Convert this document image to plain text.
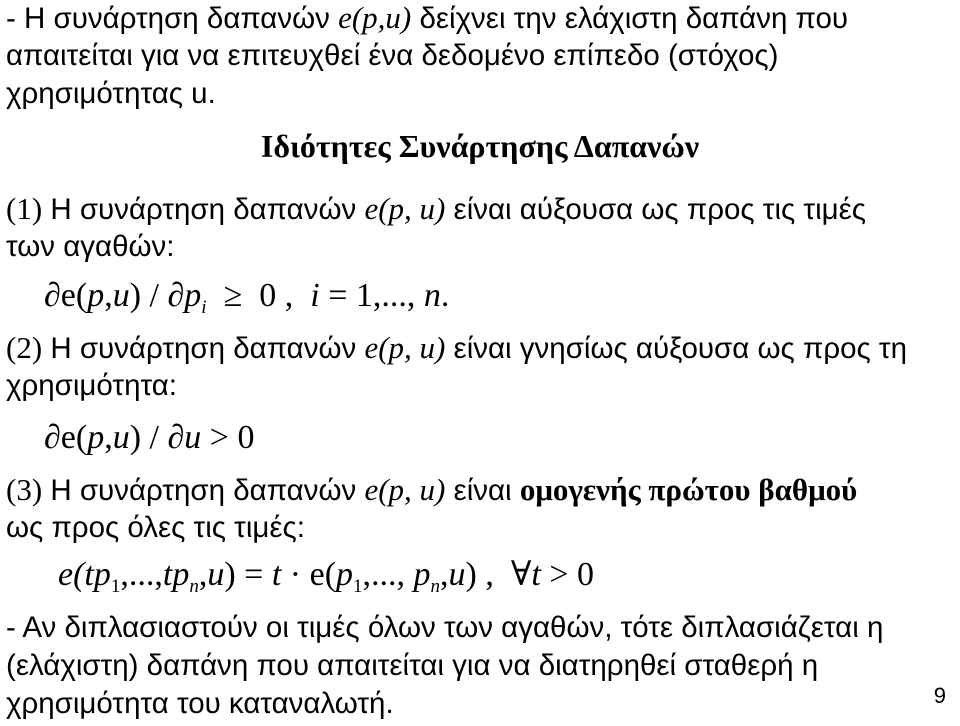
- Η συνάρτηση δαπανών e(p,u) δείχνει την ελάχιστη δαπάνη που
απαιτείται για να επιτευχθεί ένα δεδομένο επίπεδο (στόχος)
χρησιμότητας u.
Ιδιότητες Συνάρτησης Δαπανών
(1) Η συνάρτηση δαπανών e(p, u) είναι αύξουσα ως προς τις τιμές
των αγαθών:
$\partial e(p,u) / \partial p_i \ge 0$ ,  i = 1,..., n.
(2) Η συνάρτηση δαπανών e(p, u) είναι γνησίως αύξουσα ως προς τη
χρησιμότητα:
∂e(p,u) / ∂u > 0
(3) Η συνάρτηση δαπανών e(p, u) είναι ομογενής πρώτου βαθμού
ως προς όλες τις τιμές:
$e(tp_1,...,tp_n,u) = t \cdot e(p_1$,..., $p_n,u$) ,  ∀t > 0
- Αν διπλασιαστούν οι τιμές όλων των αγαθών, τότε διπλασιάζεται η
(ελάχιστη) δαπάνη που απαιτείται για να διατηρηθεί σταθερή η
χρησιμότητα του καταναλωτή.	9
